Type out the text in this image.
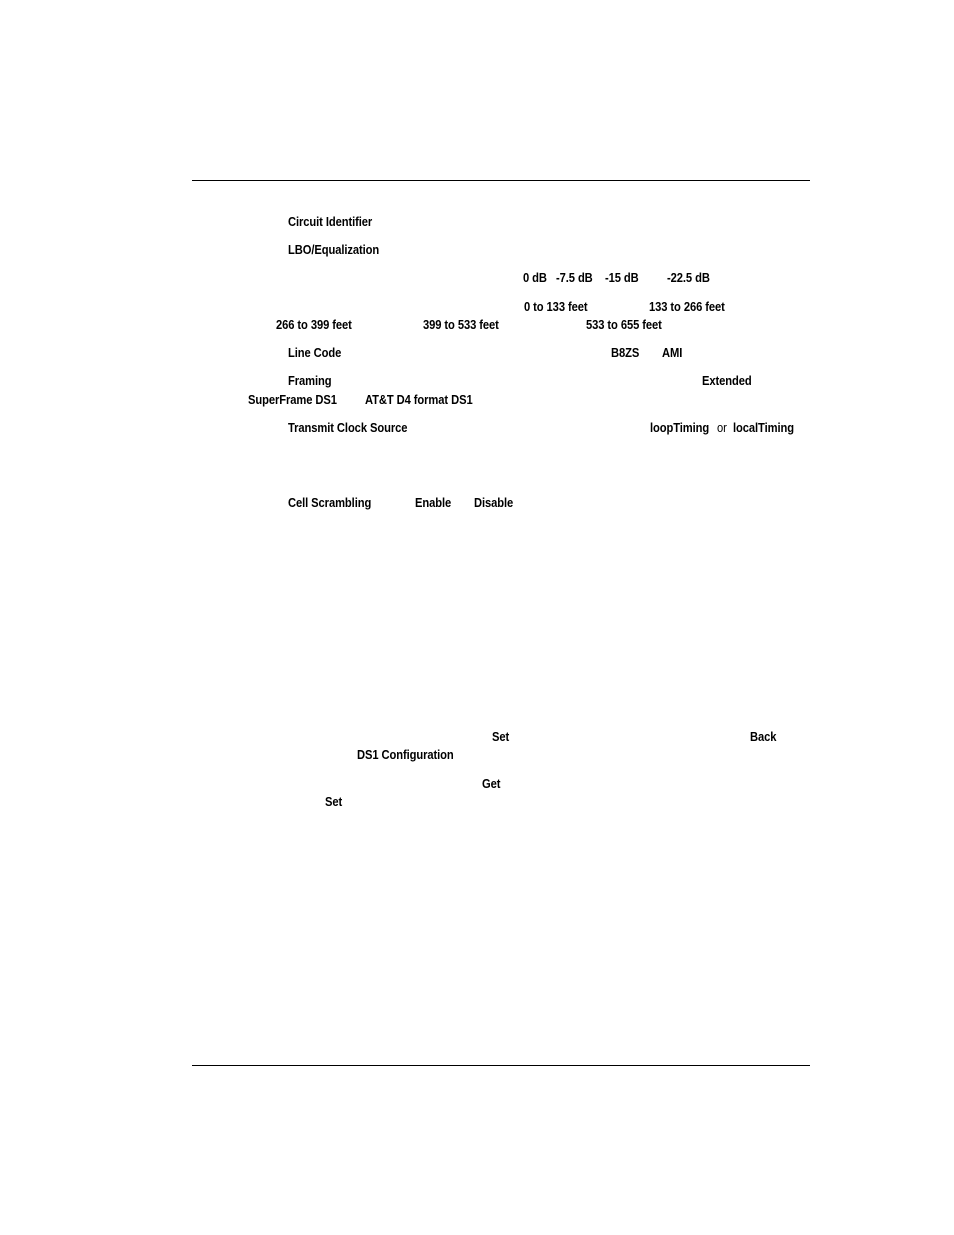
Circuit Identifier
LBO/Equalization
0 dB -7.5 dB -15 dB -22.5 dB
0 to 133 feet	133 to 266 feet
266 to 399 feet	399 to 533 feet	533 to 655 feet
Line Code	B8ZS AMI
Framing	Extended
SuperFrame DS1 AT&T D4 format DS1
Transmit Clock Source	loopTiming or localTiming
Cell Scrambling	Enable Disable
Set	Back
DS1 Configuration
Get
Set
